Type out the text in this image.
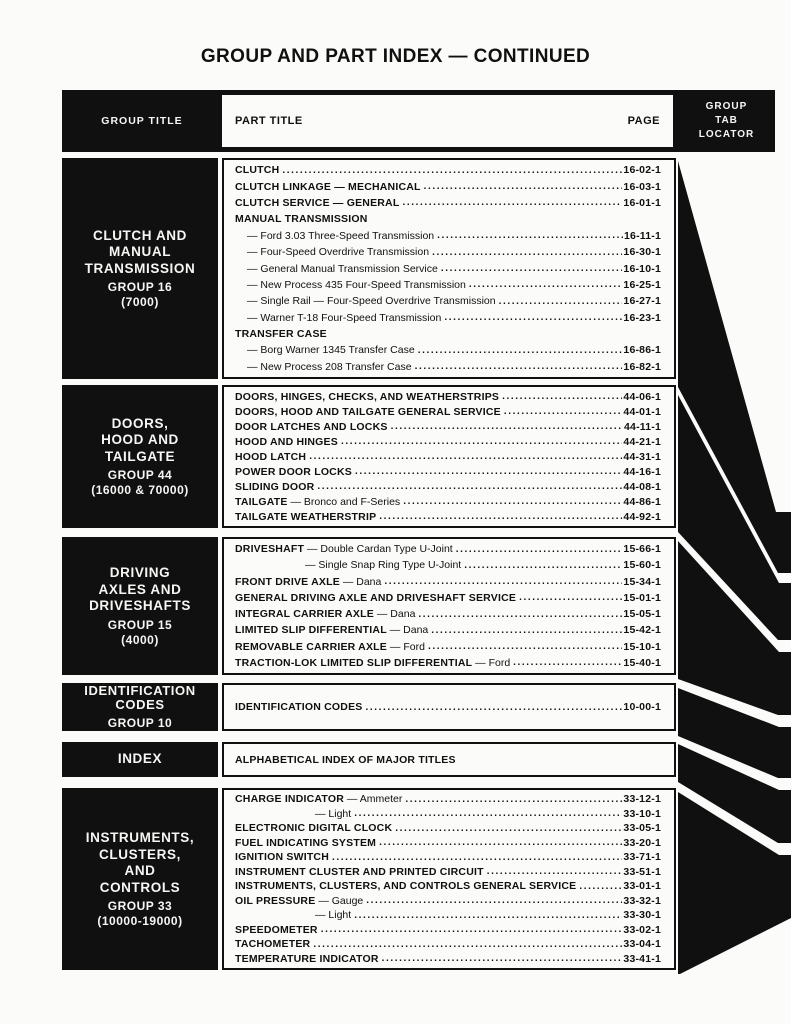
GROUP AND PART INDEX — CONTINUED
GROUP TITLE	PART TITLE	PAGE
GROUP
TAB
LOCATOR
CLUTCH AND
MANUAL
TRANSMISSION
GROUP 16
(7000)
CLUTCH .....	16-02-1
CLUTCH LINKAGE — MECHANICAL .....	16-03-1
CLUTCH SERVICE — GENERAL .....	16-01-1
MANUAL TRANSMISSION
— Ford 3.03 Three-Speed Transmission .....	16-11-1
— Four-Speed Overdrive Transmission .....	16-30-1
— General Manual Transmission Service .....	16-10-1
— New Process 435 Four-Speed Transmission .....	16-25-1
— Single Rail — Four-Speed Overdrive Transmission .....	16-27-1
— Warner T-18 Four-Speed Transmission .....	16-23-1
TRANSFER CASE
— Borg Warner 1345 Transfer Case .....	16-86-1
— New Process 208 Transfer Case .....	16-82-1
DOORS,
HOOD AND
TAILGATE
GROUP 44
(16000 & 70000)
DOORS, HINGES, CHECKS, AND WEATHERSTRIPS .....	44-06-1
DOORS, HOOD AND TAILGATE GENERAL SERVICE .....	44-01-1
DOOR LATCHES AND LOCKS .....	44-11-1
HOOD AND HINGES .....	44-21-1
HOOD LATCH .....	44-31-1
POWER DOOR LOCKS .....	44-16-1
SLIDING DOOR .....	44-08-1
TAILGATE — Bronco and F-Series .....	44-86-1
TAILGATE WEATHERSTRIP .....	44-92-1
DRIVING
AXLES AND
DRIVESHAFTS
GROUP 15
(4000)
DRIVESHAFT — Double Cardan Type U-Joint .....	15-66-1
— Single Snap Ring Type U-Joint .....	15-60-1
FRONT DRIVE AXLE — Dana .....	15-34-1
GENERAL DRIVING AXLE AND DRIVESHAFT SERVICE .....	15-01-1
INTEGRAL CARRIER AXLE — Dana .....	15-05-1
LIMITED SLIP DIFFERENTIAL — Dana .....	15-42-1
REMOVABLE CARRIER AXLE — Ford .....	15-10-1
TRACTION-LOK LIMITED SLIP DIFFERENTIAL — Ford .....	15-40-1
IDENTIFICATION
CODES
GROUP 10
IDENTIFICATION CODES .....	10-00-1
INDEX	ALPHABETICAL INDEX OF MAJOR TITLES
INSTRUMENTS,
CLUSTERS,
AND
CONTROLS
GROUP 33
(10000-19000)
CHARGE INDICATOR — Ammeter .....	33-12-1
— Light .....	33-10-1
ELECTRONIC DIGITAL CLOCK .....	33-05-1
FUEL INDICATING SYSTEM .....	33-20-1
IGNITION SWITCH .....	33-71-1
INSTRUMENT CLUSTER AND PRINTED CIRCUIT .....	33-51-1
INSTRUMENTS, CLUSTERS, AND CONTROLS GENERAL SERVICE .....	33-01-1
OIL PRESSURE — Gauge .....	33-32-1
— Light .....	33-30-1
SPEEDOMETER .....	33-02-1
TACHOMETER .....	33-04-1
TEMPERATURE INDICATOR .....	33-41-1
